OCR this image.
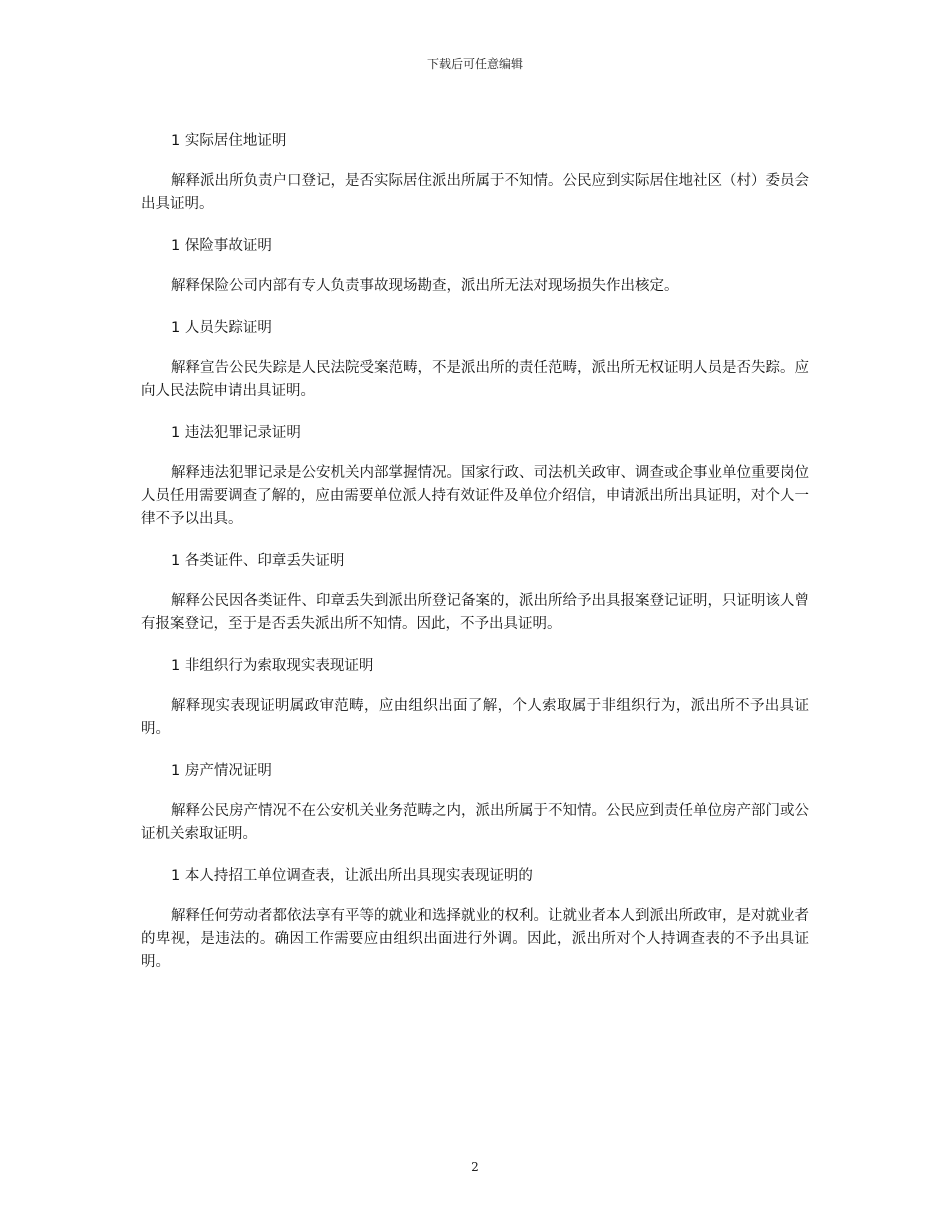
下载后可任意编辑

1 实际居住地证明

解释派出所负责户口登记，是否实际居住派出所属于不知情。公民应到实际居住地社区（村）委员会出具证明。

1 保险事故证明

解释保险公司内部有专人负责事故现场勘查，派出所无法对现场损失作出核定。

1 人员失踪证明

解释宣告公民失踪是人民法院受案范畴，不是派出所的责任范畴，派出所无权证明人员是否失踪。应向人民法院申请出具证明。

1 违法犯罪记录证明

解释违法犯罪记录是公安机关内部掌握情况。国家行政、司法机关政审、调查或企事业单位重要岗位人员任用需要调查了解的，应由需要单位派人持有效证件及单位介绍信，申请派出所出具证明，对个人一律不予以出具。

1 各类证件、印章丢失证明

解释公民因各类证件、印章丢失到派出所登记备案的，派出所给予出具报案登记证明，只证明该人曾有报案登记，至于是否丢失派出所不知情。因此，不予出具证明。

1 非组织行为索取现实表现证明

解释现实表现证明属政审范畴，应由组织出面了解，个人索取属于非组织行为，派出所不予出具证明。

1 房产情况证明

解释公民房产情况不在公安机关业务范畴之内，派出所属于不知情。公民应到责任单位房产部门或公证机关索取证明。

1 本人持招工单位调查表，让派出所出具现实表现证明的

解释任何劳动者都依法享有平等的就业和选择就业的权利。让就业者本人到派出所政审，是对就业者的卑视，是违法的。确因工作需要应由组织出面进行外调。因此，派出所对个人持调查表的不予出具证明。

2
